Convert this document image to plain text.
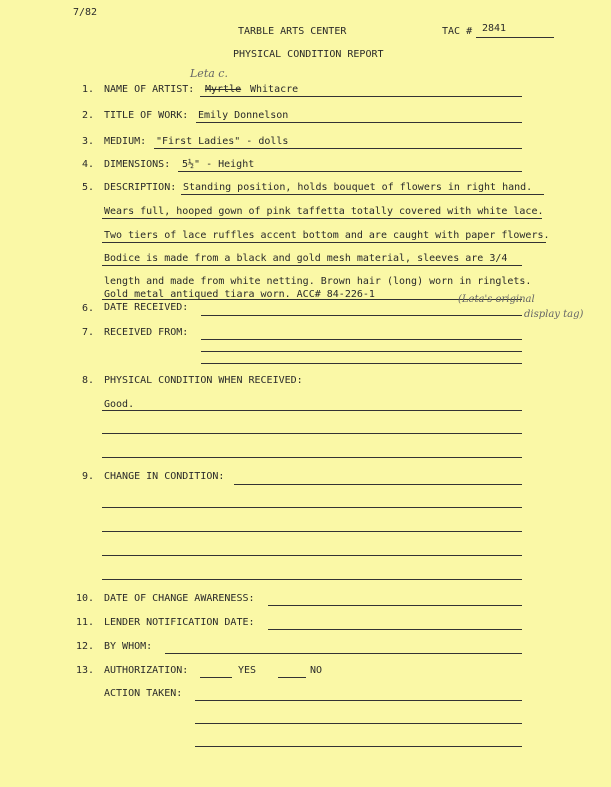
7/82
TARBLE ARTS CENTER	TAC # 2841
PHYSICAL CONDITION REPORT
1. NAME OF ARTIST:
Leta c.
Myrtle Whitacre
2. TITLE OF WORK: Emily Donnelson
3. MEDIUM: "First Ladies" - dolls
4. DIMENSIONS: 5½" - Height
5. DESCRIPTION: Standing position, holds bouquet of flowers in right hand.
Wears full, hooped gown of pink taffetta totally covered with white lace.
Two tiers of lace ruffles accent bottom and are caught with paper flowers.
Bodice is made from a black and gold mesh material, sleeves are 3/4
length and made from white netting. Brown hair (long) worn in ringlets.
Gold metal antiqued tiara worn. ACC# 84-226-1
6. DATE RECEIVED:
(Leta's original
display tag)
7. RECEIVED FROM:
8. PHYSICAL CONDITION WHEN RECEIVED:
Good.
9. CHANGE IN CONDITION:
10. DATE OF CHANGE AWARENESS:
11. LENDER NOTIFICATION DATE:
12. BY WHOM:
13. AUTHORIZATION:	YES	NO
ACTION TAKEN:
